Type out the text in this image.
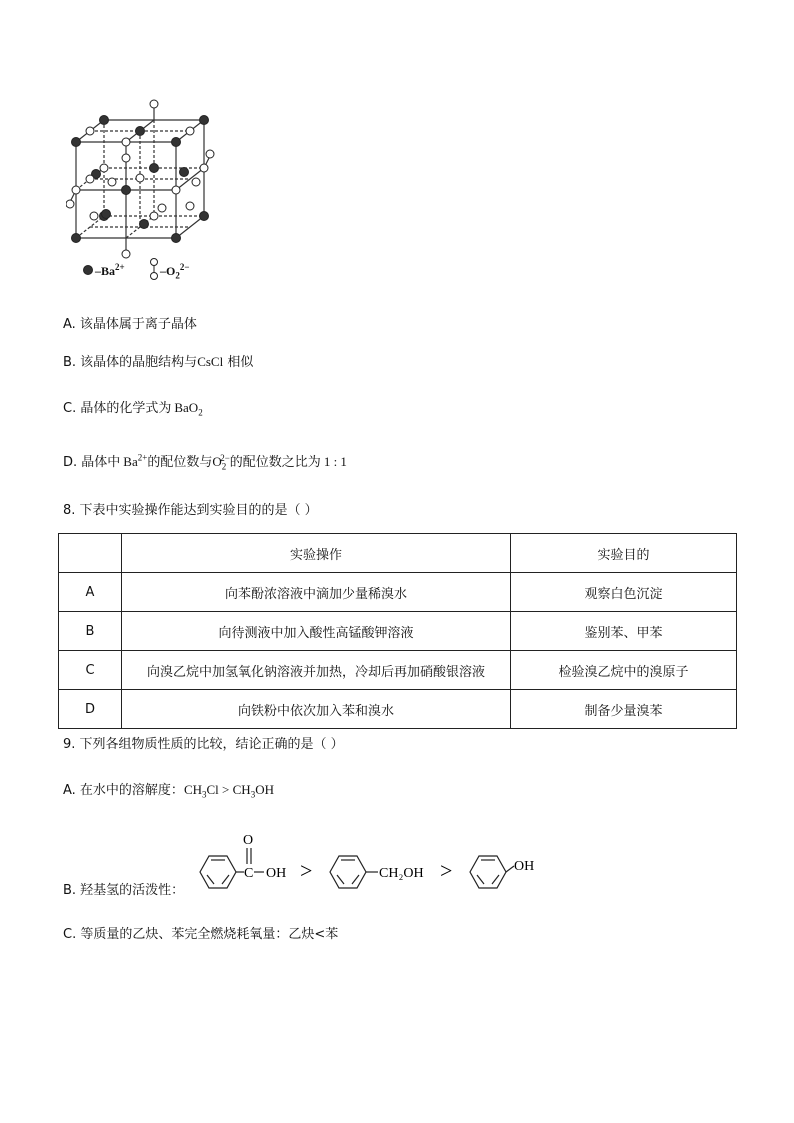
$-Ba^{2+}$	$-O_2^{2-}$
A. 该晶体属于离子晶体
B. 该晶体的晶胞结构与CsCl 相似
C. 晶体的化学式为 BaO$_2$
D. 晶体中 $Ba^{2+}$的配位数与$O_2^{2-}$的配位数之比为 1 : 1
8. 下表中实验操作能达到实验目的的是（ ）
	实验操作	实验目的
A	向苯酚浓溶液中滴加少量稀溴水	观察白色沉淀
B	向待测液中加入酸性高锰酸钾溶液	鉴别苯、甲苯
C	向溴乙烷中加氢氧化钠溶液并加热，冷却后再加硝酸银溶液	检验溴乙烷中的溴原子
D	向铁粉中依次加入苯和溴水	制备少量溴苯
9. 下列各组物质性质的比较，结论正确的是（ ）
A. 在水中的溶解度：$CH_3Cl > CH_3OH$
B. 羟基氢的活泼性：
O
C OH >	CH₂OH >	OH
C. 等质量的乙炔、苯完全燃烧耗氧量：乙炔<苯
